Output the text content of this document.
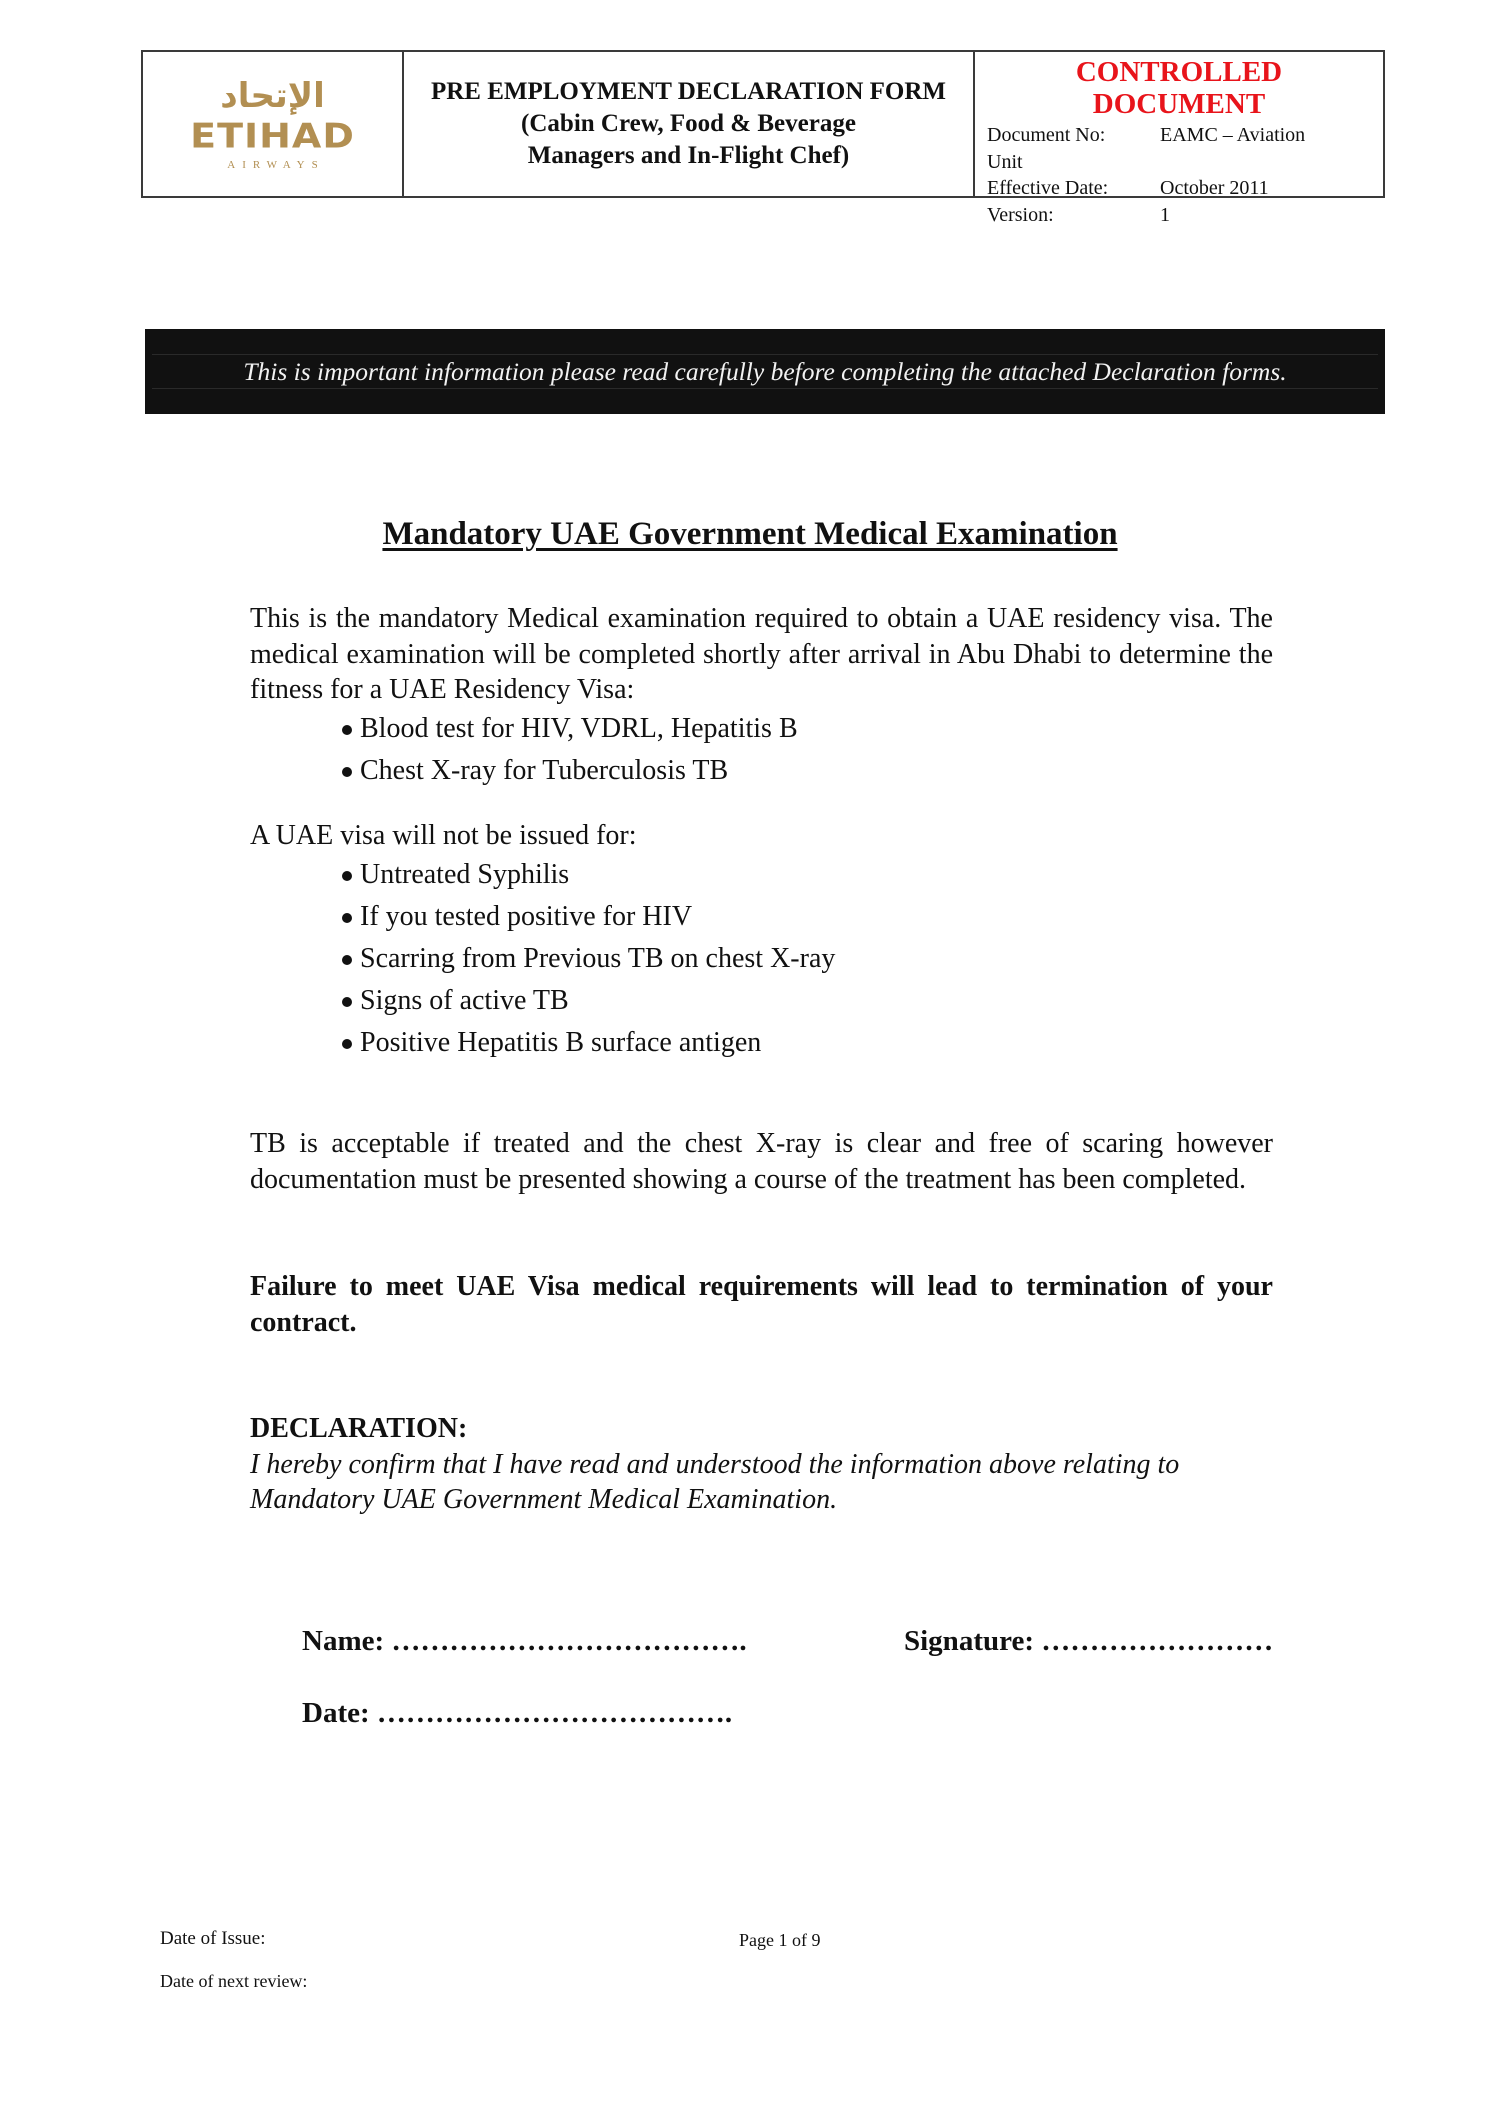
الإتحاد
ETIHAD
AIRWAYS
PRE EMPLOYMENT DECLARATION FORM
(Cabin Crew, Food & Beverage
Managers and In-Flight Chef)
CONTROLLED DOCUMENT
Document No:	EAMC – Aviation
Unit
Effective Date:	October 2011
Version:	1
This is important information please read carefully before completing the attached Declaration forms.
Mandatory UAE Government Medical Examination
This is the mandatory Medical examination required to obtain a UAE residency visa. The medical examination will be completed shortly after arrival in Abu Dhabi to determine the fitness for a UAE Residency Visa:
Blood test for HIV, VDRL, Hepatitis B
Chest X-ray for Tuberculosis TB
A UAE visa will not be issued for:
Untreated Syphilis
If you tested positive for HIV
Scarring from Previous TB on chest X-ray
Signs of active TB
Positive Hepatitis B surface antigen
TB is acceptable if treated and the chest X-ray is clear and free of scaring however documentation must be presented showing a course of the treatment has been completed.
Failure to meet UAE Visa medical requirements will lead to termination of your contract.
DECLARATION:
I hereby confirm that I have read and understood the information above relating to Mandatory UAE Government Medical Examination.
Name: ……………………………….	Signature: ……………………
Date: ……………………………….
Date of Issue:	Page 1 of 9
Date of next review:
